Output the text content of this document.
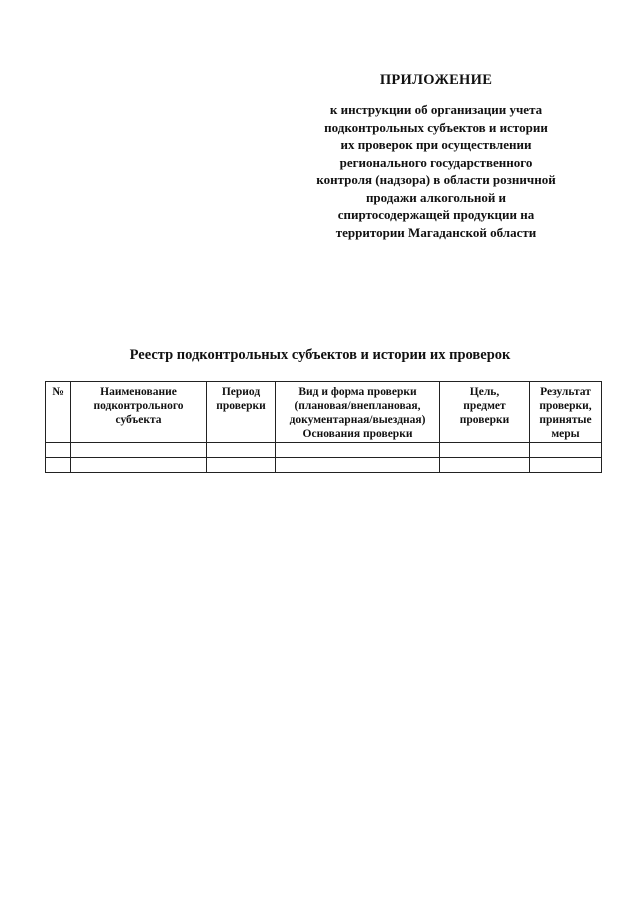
ПРИЛОЖЕНИЕ
к инструкции об организации учета
подконтрольных субъектов и истории
их проверок при осуществлении
регионального государственного
контроля (надзора) в области розничной
продажи алкогольной и
спиртосодержащей продукции на
территории Магаданской области
Реестр подконтрольных субъектов и истории их проверок
№	Наименование
подконтрольного
субъекта	Период
проверки	Вид и форма проверки
(плановая/внеплановая,
документарная/выездная)
Основания проверки	Цель,
предмет
проверки	Результат
проверки,
принятые
меры
